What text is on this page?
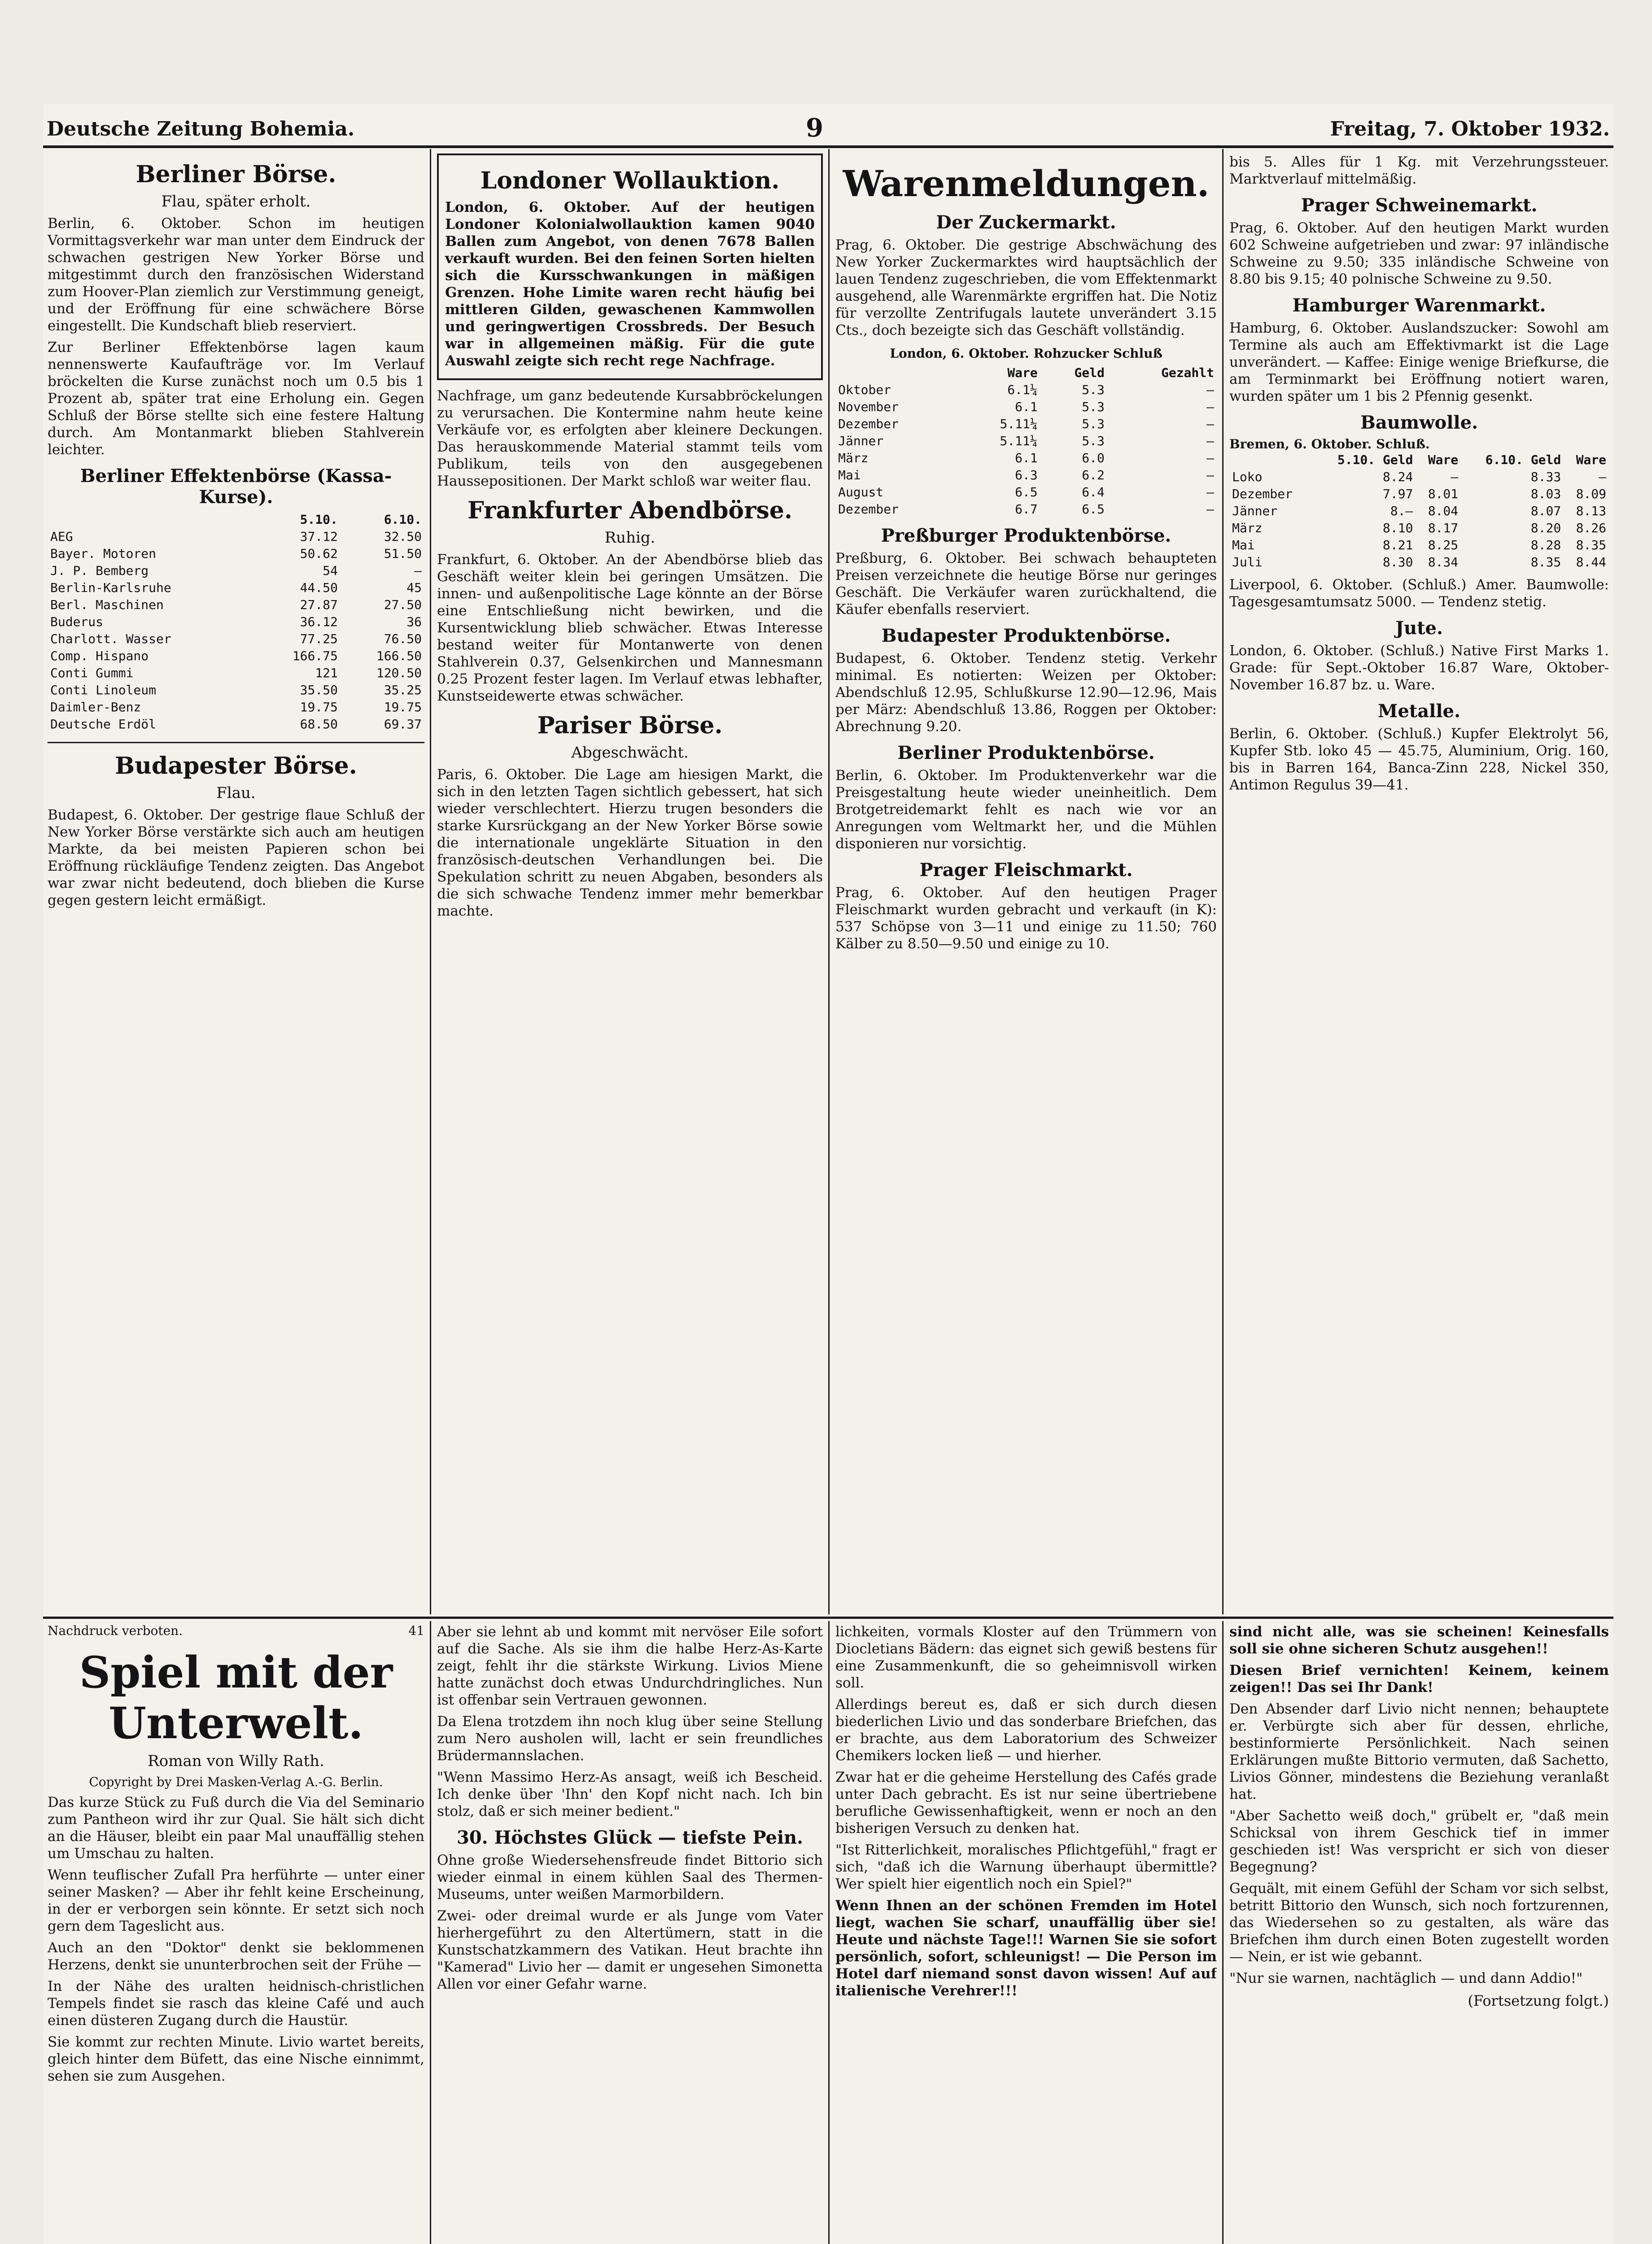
Deutsche Zeitung Bohemia.	9	Freitag, 7. Oktober 1932.
Berliner Börse.
Flau, später erholt.

Berlin, 6. Oktober. Schon im heutigen Vormittagsverkehr war man unter dem Eindruck der schwachen gestrigen New Yorker Börse und mitgestimmt durch den französischen Widerstand zum Hoover-Plan ziemlich zur Verstimmung geneigt, und der Eröffnung für eine schwächere Börse eingestellt. Die Kundschaft blieb reserviert.

Zur Berliner Effektenbörse lagen kaum nennenswerte Kaufaufträge vor. Im Verlauf bröckelten die Kurse zunächst noch um 0.5 bis 1 Prozent ab, später trat eine Erholung ein. Gegen Schluß der Börse stellte sich eine festere Haltung durch. Am Montanmarkt blieben Stahlverein leichter.

Berliner Effektenbörse (Kassa-Kurse).
	5.10.	6.10.
AEG	37.12	32.50
Bayer. Motoren	50.62	51.50
J. P. Bemberg	54	—
Berlin-Karlsruhe	44.50	45
Berl. Maschinen	27.87	27.50
Buderus	36.12	36
Charlott. Wasser	77.25	76.50
Comp. Hispano	166.75	166.50
Conti Gummi	121	120.50
Conti Linoleum	35.50	35.25
Daimler-Benz	19.75	19.75
Deutsche Erdöl	68.50	69.37
Budapester Börse.
Flau.

Budapest, 6. Oktober. Der gestrige flaue Schluß der New Yorker Börse verstärkte sich auch am heutigen Markte, da bei meisten Papieren schon bei Eröffnung rückläufige Tendenz zeigten. Das Angebot war zwar nicht bedeutend, doch blieben die Kurse gegen gestern leicht ermäßigt.

Londoner Wollauktion.

London, 6. Oktober. Auf der heutigen Londoner Kolonialwollauktion kamen 9040 Ballen zum Angebot, von denen 7678 Ballen verkauft wurden. Bei den feinen Sorten hielten sich die Kursschwankungen in mäßigen Grenzen. Hohe Limite waren recht häufig bei mittleren Gilden, gewaschenen Kammwollen und geringwertigen Crossbreds. Der Besuch war in allgemeinen mäßig. Für die gute Auswahl zeigte sich recht rege Nachfrage.

Nachfrage, um ganz bedeutende Kursabbröckelungen zu verursachen. Die Kontermine nahm heute keine Verkäufe vor, es erfolgten aber kleinere Deckungen. Das herauskommende Material stammt teils vom Publikum, teils von den ausgegebenen Haussepositionen. Der Markt schloß war weiter flau.

Frankfurter Abendbörse.
Ruhig.

Frankfurt, 6. Oktober. An der Abendbörse blieb das Geschäft weiter klein bei geringen Umsätzen. Die innen- und außenpolitische Lage könnte an der Börse eine Entschließung nicht bewirken, und die Kursentwicklung blieb schwächer. Etwas Interesse bestand weiter für Montanwerte von denen Stahlverein 0.37, Gelsenkirchen und Mannesmann 0.25 Prozent fester lagen. Im Verlauf etwas lebhafter, Kunstseidewerte etwas schwächer.

Pariser Börse.
Abgeschwächt.

Paris, 6. Oktober. Die Lage am hiesigen Markt, die sich in den letzten Tagen sichtlich gebessert, hat sich wieder verschlechtert. Hierzu trugen besonders die starke Kursrückgang an der New Yorker Börse sowie die internationale ungeklärte Situation in den französisch-deutschen Verhandlungen bei. Die Spekulation schritt zu neuen Abgaben, besonders als die sich schwache Tendenz immer mehr bemerkbar machte.

Warenmeldungen.
Der Zuckermarkt.

Prag, 6. Oktober. Die gestrige Abschwächung des New Yorker Zuckermarktes wird hauptsächlich der lauen Tendenz zugeschrieben, die vom Effektenmarkt ausgehend, alle Warenmärkte ergriffen hat. Die Notiz für verzollte Zentrifugals lautete unverändert 3.15 Cts., doch bezeigte sich das Geschäft vollständig.

London, 6. Oktober. Rohzucker Schluß
	Ware	Geld	Gezahlt
Oktober	6.1¼	5.3	—
November	6.1	5.3	—
Dezember	5.11¼	5.3	—
Jänner	5.11¼	5.3	—
März	6.1	6.0	—
Mai	6.3	6.2	—
August	6.5	6.4	—
Dezember	6.7	6.5	—
Preßburger Produktenbörse.

Preßburg, 6. Oktober. Bei schwach behaupteten Preisen verzeichnete die heutige Börse nur geringes Geschäft. Die Verkäufer waren zurückhaltend, die Käufer ebenfalls reserviert.

Budapester Produktenbörse.

Budapest, 6. Oktober. Tendenz stetig. Verkehr minimal. Es notierten: Weizen per Oktober: Abendschluß 12.95, Schlußkurse 12.90—12.96, Mais per März: Abendschluß 13.86, Roggen per Oktober: Abrechnung 9.20.

Berliner Produktenbörse.

Berlin, 6. Oktober. Im Produktenverkehr war die Preisgestaltung heute wieder uneinheitlich. Dem Brotgetreidemarkt fehlt es nach wie vor an Anregungen vom Weltmarkt her, und die Mühlen disponieren nur vorsichtig.

Prager Fleischmarkt.

Prag, 6. Oktober. Auf den heutigen Prager Fleischmarkt wurden gebracht und verkauft (in K): 537 Schöpse von 3—11 und einige zu 11.50; 760 Kälber zu 8.50—9.50 und einige zu 10.

bis 5. Alles für 1 Kg. mit Verzehrungssteuer. Marktverlauf mittelmäßig.

Prager Schweinemarkt.

Prag, 6. Oktober. Auf den heutigen Markt wurden 602 Schweine aufgetrieben und zwar: 97 inländische Schweine zu 9.50; 335 inländische Schweine von 8.80 bis 9.15; 40 polnische Schweine zu 9.50.

Hamburger Warenmarkt.

Hamburg, 6. Oktober. Auslandszucker: Sowohl am Termine als auch am Effektivmarkt ist die Lage unverändert. — Kaffee: Einige wenige Briefkurse, die am Terminmarkt bei Eröffnung notiert waren, wurden später um 1 bis 2 Pfennig gesenkt.

Baumwolle.
Bremen, 6. Oktober. Schluß.
	5.10. Geld	Ware	6.10. Geld	Ware
Loko	8.24	—	8.33	—
Dezember	7.97	8.01	8.03	8.09
Jänner	8.—	8.04	8.07	8.13
März	8.10	8.17	8.20	8.26
Mai	8.21	8.25	8.28	8.35
Juli	8.30	8.34	8.35	8.44

Liverpool, 6. Oktober. (Schluß.) Amer. Baumwolle: Tagesgesamtumsatz 5000. — Tendenz stetig.

Jute.

London, 6. Oktober. (Schluß.) Native First Marks 1. Grade: für Sept.-Oktober 16.87 Ware, Oktober-November 16.87 bz. u. Ware.

Metalle.

Berlin, 6. Oktober. (Schluß.) Kupfer Elektrolyt 56, Kupfer Stb. loko 45 — 45.75, Aluminium, Orig. 160, bis in Barren 164, Banca-Zinn 228, Nickel 350, Antimon Regulus 39—41.

Nachdruck verboten.	41
Spiel mit der Unterwelt.
Roman von Willy Rath.
Copyright by Drei Masken-Verlag A.-G. Berlin.

Das kurze Stück zu Fuß durch die Via del Seminario zum Pantheon wird ihr zur Qual. Sie hält sich dicht an die Häuser, bleibt ein paar Mal unauffällig stehen um Umschau zu halten.

Wenn teuflischer Zufall Pra herführte — unter einer seiner Masken? — Aber ihr fehlt keine Erscheinung, in der er verborgen sein könnte. Er setzt sich noch gern dem Tageslicht aus.

Auch an den "Doktor" denkt sie beklommenen Herzens, denkt sie ununterbrochen seit der Frühe —

In der Nähe des uralten heidnisch-christlichen Tempels findet sie rasch das kleine Café und auch einen düsteren Zugang durch die Haustür.

Sie kommt zur rechten Minute. Livio wartet bereits, gleich hinter dem Büfett, das eine Nische einnimmt, sehen sie zum Ausgehen.

Aber sie lehnt ab und kommt mit nervöser Eile sofort auf die Sache. Als sie ihm die halbe Herz-As-Karte zeigt, fehlt ihr die stärkste Wirkung. Livios Miene hatte zunächst doch etwas Undurchdringliches. Nun ist offenbar sein Vertrauen gewonnen.

Da Elena trotzdem ihn noch klug über seine Stellung zum Nero ausholen will, lacht er sein freundliches Brüdermannslachen.

"Wenn Massimo Herz-As ansagt, weiß ich Bescheid. Ich denke über 'Ihn' den Kopf nicht nach. Ich bin stolz, daß er sich meiner bedient."

30. Höchstes Glück — tiefste Pein.

Ohne große Wiedersehensfreude findet Bittorio sich wieder einmal in einem kühlen Saal des Thermen-Museums, unter weißen Marmorbildern.

Zwei- oder dreimal wurde er als Junge vom Vater hierhergeführt zu den Altertümern, statt in die Kunstschatzkammern des Vatikan. Heut brachte ihn "Kamerad" Livio her — damit er ungesehen Simonetta Allen vor einer Gefahr warne.

lichkeiten, vormals Kloster auf den Trümmern von Diocletians Bädern: das eignet sich gewiß bestens für eine Zusammenkunft, die so geheimnisvoll wirken soll.

Allerdings bereut es, daß er sich durch diesen biederlichen Livio und das sonderbare Briefchen, das er brachte, aus dem Laboratorium des Schweizer Chemikers locken ließ — und hierher.

Zwar hat er die geheime Herstellung des Cafés grade unter Dach gebracht. Es ist nur seine übertriebene berufliche Gewissenhaftigkeit, wenn er noch an den bisherigen Versuch zu denken hat.

"Ist Ritterlichkeit, moralisches Pflichtgefühl," fragt er sich, "daß ich die Warnung überhaupt übermittle? Wer spielt hier eigentlich noch ein Spiel?"

Wenn Ihnen an der schönen Fremden im Hotel liegt, wachen Sie scharf, unauffällig über sie! Heute und nächste Tage!!! Warnen Sie sie sofort persönlich, sofort, schleunigst! — Die Person im Hotel darf niemand sonst davon wissen! Auf auf italienische Verehrer!!!

sind nicht alle, was sie scheinen! Keinesfalls soll sie ohne sicheren Schutz ausgehen!!

Diesen Brief vernichten! Keinem, keinem zeigen!! Das sei Ihr Dank!

Den Absender darf Livio nicht nennen; behauptete er. Verbürgte sich aber für dessen, ehrliche, bestinformierte Persönlichkeit. Nach seinen Erklärungen mußte Bittorio vermuten, daß Sachetto, Livios Gönner, mindestens die Beziehung veranlaßt hat.

"Aber Sachetto weiß doch," grübelt er, "daß mein Schicksal von ihrem Geschick tief in immer geschieden ist! Was verspricht er sich von dieser Begegnung?

Gequält, mit einem Gefühl der Scham vor sich selbst, betritt Bittorio den Wunsch, sich noch fortzurennen, das Wiedersehen so zu gestalten, als wäre das Briefchen ihm durch einen Boten zugestellt worden — Nein, er ist wie gebannt.

"Nur sie warnen, nachtäglich — und dann Addio!"

(Fortsetzung folgt.)
